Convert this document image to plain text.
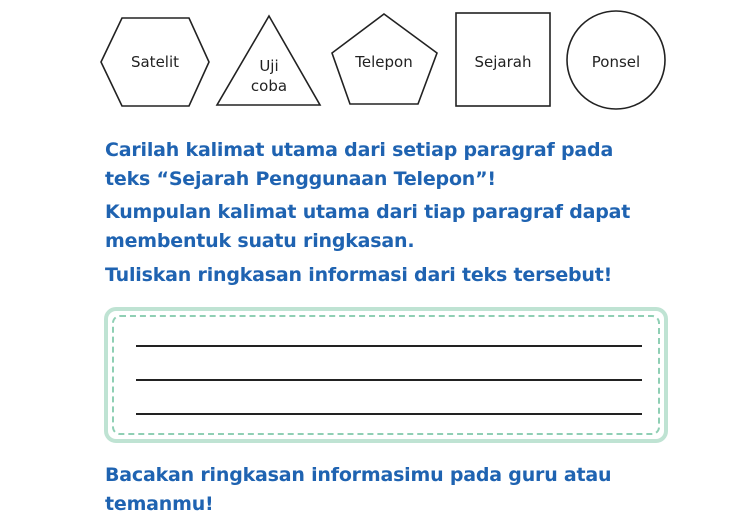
Satelit	Uji
coba
Telepon	Sejarah	Ponsel
Carilah kalimat utama dari setiap paragraf pada
teks “Sejarah Penggunaan Telepon”!
Kumpulan kalimat utama dari tiap paragraf dapat
membentuk suatu ringkasan.
Tuliskan ringkasan informasi dari teks tersebut!
Bacakan ringkasan informasimu pada guru atau
temanmu!
